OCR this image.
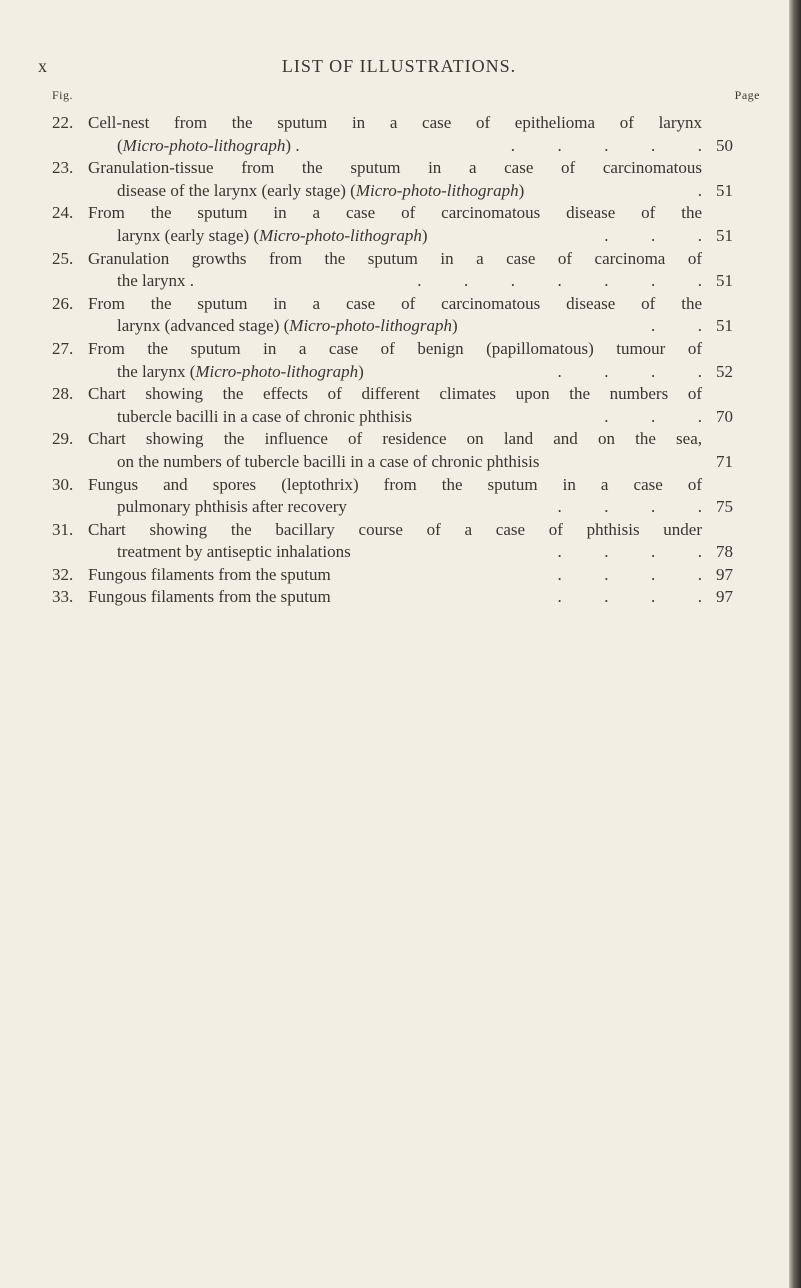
x	LIST OF ILLUSTRATIONS.
Fig.	Page
22. Cell-nest from the sputum in a case of epithelioma of larynx
(Micro-photo-lithograph) .	.          .          .          .          . 50
23. Granulation-tissue from the sputum in a case of carcinomatous
disease of the larynx (early stage) (Micro-photo-lithograph)	. 51
24. From the sputum in a case of carcinomatous disease of the
larynx (early stage) (Micro-photo-lithograph)	.          .          . 51
25. Granulation growths from the sputum in a case of carcinoma of
the larynx .	.          .          .          .          .          .          . 51
26. From the sputum in a case of carcinomatous disease of the
larynx (advanced stage) (Micro-photo-lithograph)	.          . 51
27. From the sputum in a case of benign (papillomatous) tumour of
the larynx (Micro-photo-lithograph)	.          .          .          . 52
28. Chart showing the effects of different climates upon the numbers of
tubercle bacilli in a case of chronic phthisis	.          .          . 70
29. Chart showing the influence of residence on land and on the sea,
on the numbers of tubercle bacilli in a case of chronic phthisis	71
30. Fungus and spores (leptothrix) from the sputum in a case of
pulmonary phthisis after recovery	.          .          .          . 75
31. Chart showing the bacillary course of a case of phthisis under
treatment by antiseptic inhalations	.          .          .          . 78
32. Fungous filaments from the sputum	.          .          .          . 97
33. Fungous filaments from the sputum	.          .          .          . 97
